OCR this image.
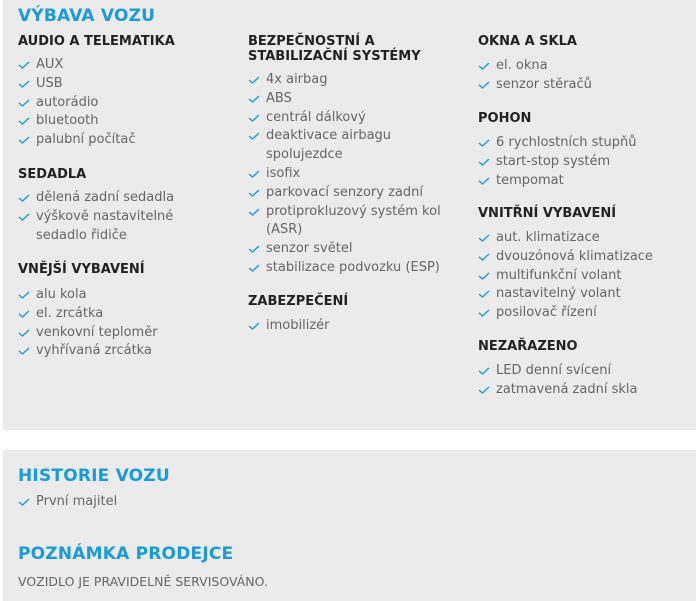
VÝBAVA VOZU
AUDIO A TELEMATIKA
AUX
USB
autorádio
bluetooth
palubní počítač
SEDADLA
dělená zadní sedadla
výškově nastavitelné
sedadlo řidiče
VNĚJŠÍ VYBAVENÍ
alu kola
el. zrcátka
venkovní teploměr
vyhřívaná zrcátka
BEZPEČNOSTNÍ A
STABILIZAČNÍ SYSTÉMY
4x airbag
ABS
centrál dálkový
deaktivace airbagu
spolujezdce
isofix
parkovací senzory zadní
protiprokluzový systém kol
(ASR)
senzor světel
stabilizace podvozku (ESP)
ZABEZPEČENÍ
imobilizér
OKNA A SKLA
el. okna
senzor stěračů
POHON
6 rychlostních stupňů
start-stop systém
tempomat
VNITŘNÍ VYBAVENÍ
aut. klimatizace
dvouzónová klimatizace
multifunkční volant
nastavitelný volant
posilovač řízení
NEZAŘAZENO
LED denní svícení
zatmavená zadní skla
HISTORIE VOZU
První majitel
POZNÁMKA PRODEJCE
VOZIDLO JE PRAVIDELNĚ SERVISOVÁNO.
